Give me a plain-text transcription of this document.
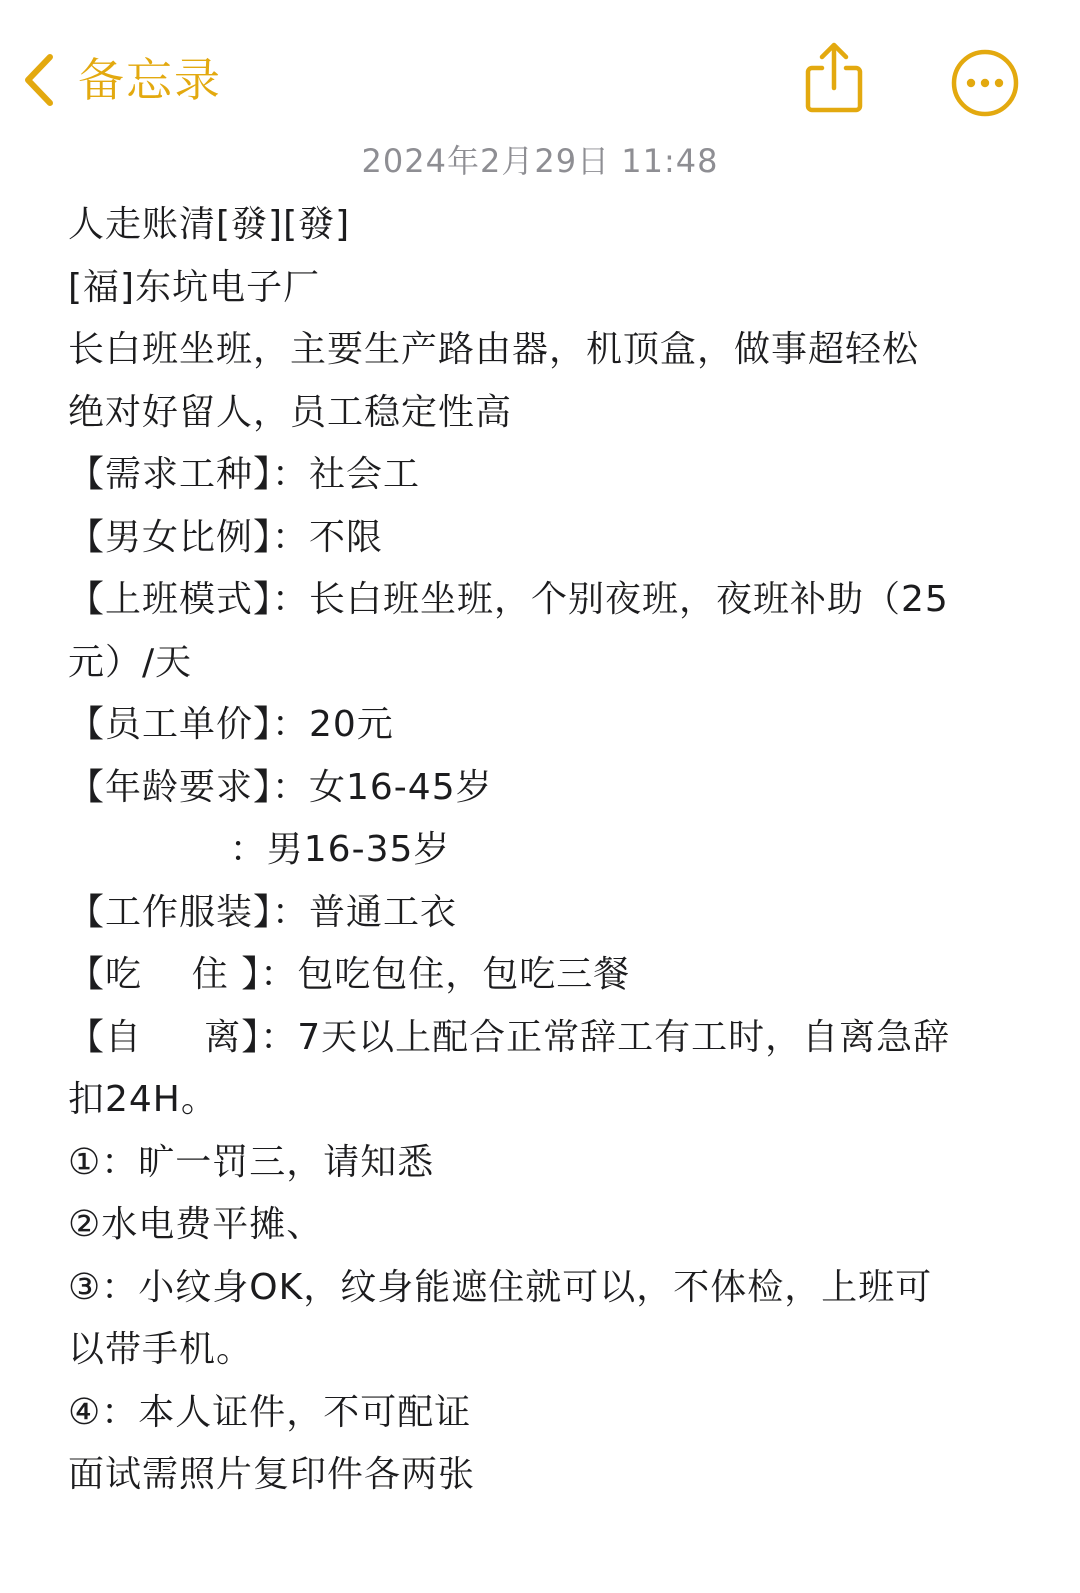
备忘录
2024年2月29日 11:48
人走账清[發][發]
[福]东坑电子厂
长白班坐班，主要生产路由器，机顶盒，做事超轻松
绝对好留人，员工稳定性高
【需求工种】：社会工
【男女比例】：不限
【上班模式】：长白班坐班，个别夜班，夜班补助（25
元）/天
【员工单价】：20元
【年龄要求】：女16-45岁
：男16-35岁
【工作服装】：普通工衣
【吃    住 】：包吃包住，包吃三餐
【自     离】：7天以上配合正常辞工有工时，自离急辞
扣24H。
①：旷一罚三，请知悉
②水电费平摊、
③：小纹身OK，纹身能遮住就可以，不体检，上班可
以带手机。
④：本人证件，不可配证
面试需照片复印件各两张
